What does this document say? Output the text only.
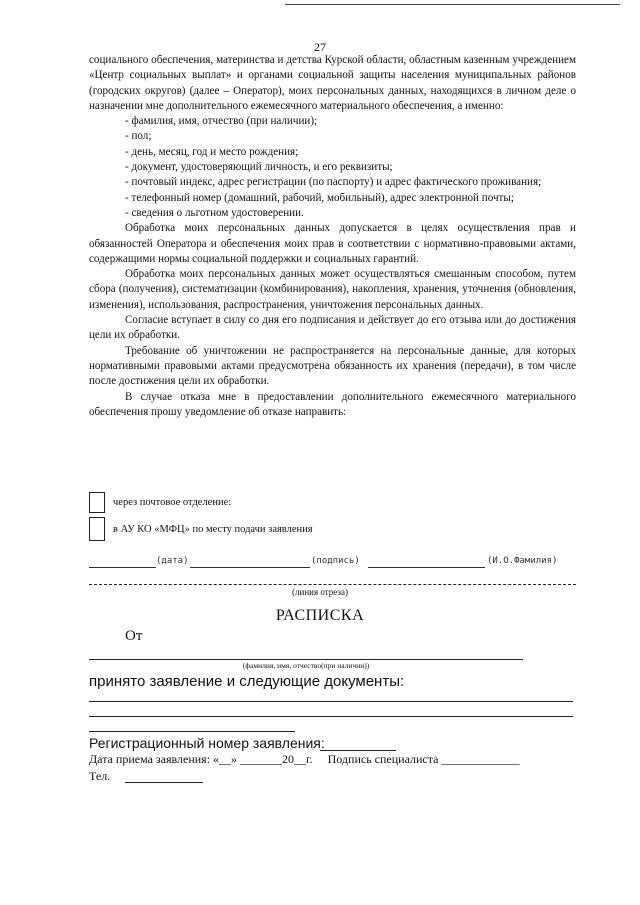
27

социального обеспечения, материнства и детства Курской области, областным казенным учреждением «Центр социальных выплат» и органами социальной защиты населения муниципальных районов (городских округов) (далее – Оператор), моих персональных данных, находящихся в личном деле о назначении мне дополнительного ежемесячного материального обеспечения, а именно:

- фамилия, имя, отчество (при наличии);

- пол;

- день, месяц, год и место рождения;

- документ, удостоверяющий личность, и его реквизиты;

- почтовый индекс, адрес регистрации (по паспорту) и адрес фактического проживания;

- телефонный номер (домашний, рабочий, мобильный), адрес электронной почты;

- сведения о льготном удостоверении.

Обработка моих персональных данных допускается в целях осуществления прав и обязанностей Оператора и обеспечения моих прав в соответствии с нормативно-правовыми актами, содержащими нормы социальной поддержки и социальных гарантий.

Обработка моих персональных данных может осуществляться смешанным способом, путем сбора (получения), систематизации (комбинирования), накопления, хранения, уточнения (обновления, изменения), использования, распространения, уничтожения персональных данных.

Согласие вступает в силу со дня его подписания и действует до его отзыва или до достижения цели их обработки.

Требование об уничтожении не распространяется на персональные данные, для которых нормативными правовыми актами предусмотрена обязанность их хранения (передачи), в том числе после достижения цели их обработки.

В случае отказа мне в предоставлении дополнительного ежемесячного материального обеспечения прошу уведомление об отказе направить:

через почтовое отделение:
в АУ КО «МФЦ» по месту подачи заявления
(дата)	(подпись)	(И.О.Фамилия)
(линия отреза)
РАСПИСКА
От
(фамилия, имя, отчество(при наличии))
принято заявление и следующие документы:
Регистрационный номер заявления:
Дата приема заявления: «__» _______20__г.     Подпись специалиста _____________
Тел.
